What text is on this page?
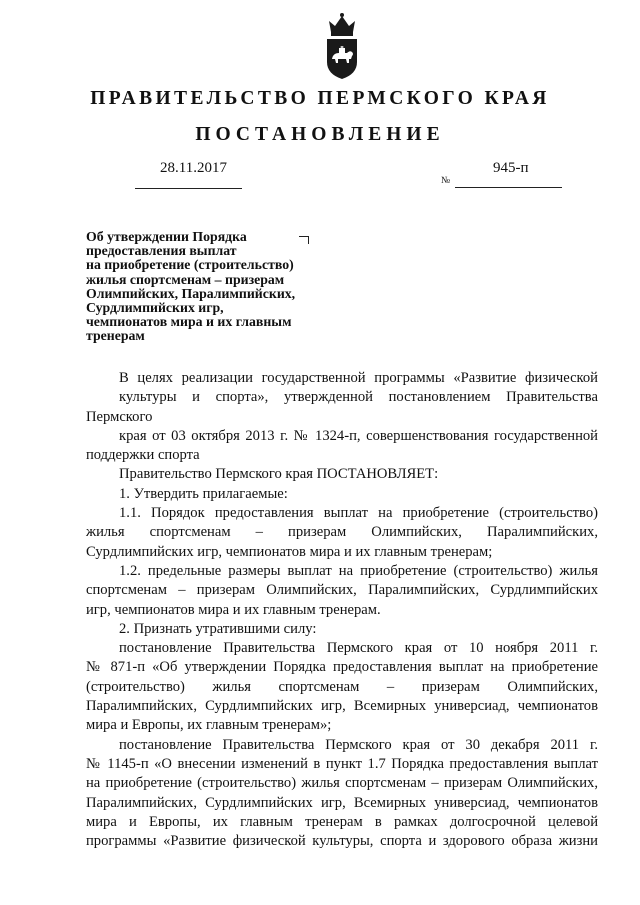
ПРАВИТЕЛЬСТВО ПЕРМСКОГО КРАЯ
ПОСТАНОВЛЕНИЕ
28.11.2017	945-п
№
Об утверждении Порядка
предоставления выплат
на приобретение (строительство)
жилья спортсменам – призерам
Олимпийских, Паралимпийских,
Сурдлимпийских игр,
чемпионатов мира и их главным
тренерам

В целях реализации государственной программы «Развитие физической
культуры и спорта», утвержденной постановлением Правительства Пермского
края от 03 октября 2013 г. № 1324-п, совершенствования государственной
поддержки спорта

Правительство Пермского края ПОСТАНОВЛЯЕТ:

1. Утвердить прилагаемые:

1.1. Порядок предоставления выплат на приобретение (строительство)
жилья спортсменам – призерам Олимпийских, Паралимпийских,
Сурдлимпийских игр, чемпионатов мира и их главным тренерам;

1.2. предельные размеры выплат на приобретение (строительство) жилья
спортсменам – призерам Олимпийских, Паралимпийских, Сурдлимпийских
игр, чемпионатов мира и их главным тренерам.

2. Признать утратившими силу:

постановление Правительства Пермского края от 10 ноября 2011 г.
№ 871-п «Об утверждении Порядка предоставления выплат на приобретение
(строительство) жилья спортсменам – призерам Олимпийских,
Паралимпийских, Сурдлимпийских игр, Всемирных универсиад, чемпионатов
мира и Европы, их главным тренерам»;

постановление Правительства Пермского края от 30 декабря 2011 г.
№ 1145-п «О внесении изменений в пункт 1.7 Порядка предоставления выплат
на приобретение (строительство) жилья спортсменам – призерам Олимпийских,
Паралимпийских, Сурдлимпийских игр, Всемирных универсиад, чемпионатов
мира и Европы, их главным тренерам в рамках долгосрочной целевой
программы «Развитие физической культуры, спорта и здорового образа жизни
